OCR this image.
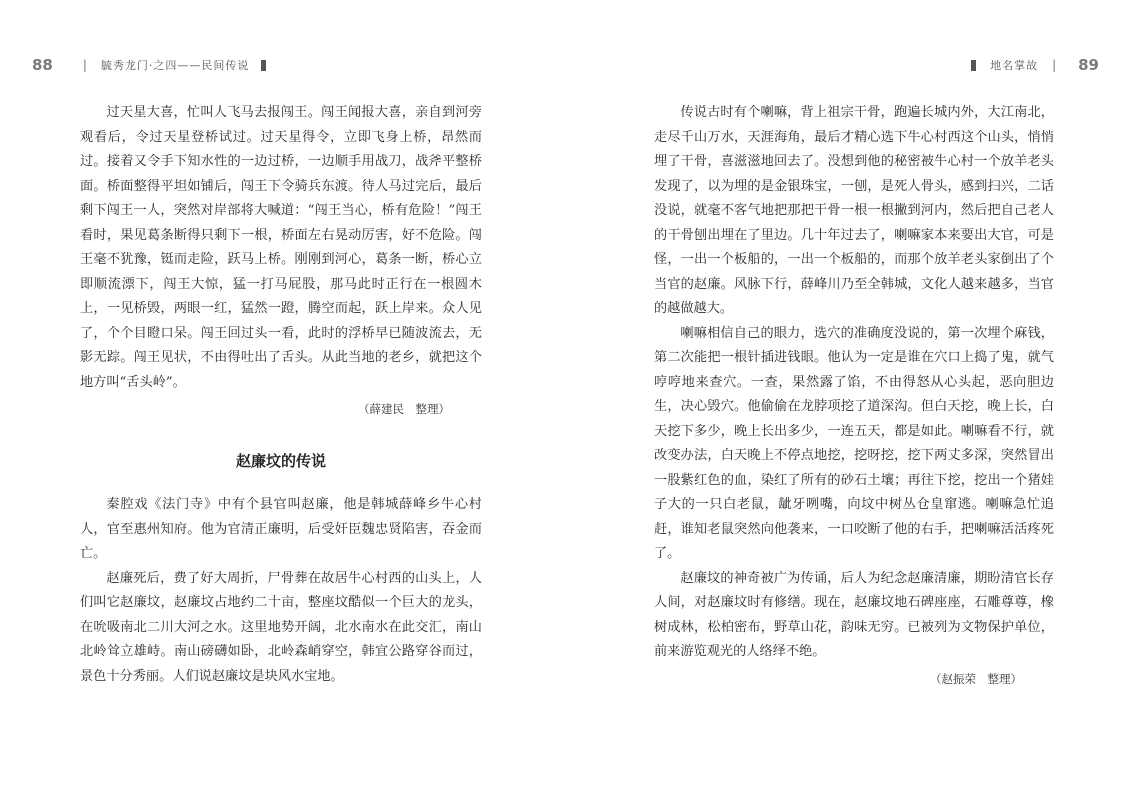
88	| 毓秀龙门·之四——民间传说	地名掌故 | 89

过天星大喜，忙叫人飞马去报闯王。闯王闻报大喜，亲自到河旁观看后，令过天星登桥试过。过天星得令，立即飞身上桥，昂然而过。接着又令手下知水性的一边过桥，一边顺手用战刀，战斧平整桥面。桥面整得平坦如铺后，闯王下令骑兵东渡。待人马过完后，最后剩下闯王一人，突然对岸部将大喊道：“闯王当心，桥有危险！”闯王看时，果见葛条断得只剩下一根，桥面左右晃动厉害，好不危险。闯王毫不犹豫，铤而走险，跃马上桥。刚刚到河心，葛条一断，桥心立即顺流漂下，闯王大惊，猛一打马屁股，那马此时正行在一根圆木上，一见桥毁，两眼一红，猛然一蹬，腾空而起，跃上岸来。众人见了，个个目瞪口呆。闯王回过头一看，此时的浮桥早已随波流去，无影无踪。闯王见状，不由得吐出了舌头。从此当地的老乡，就把这个地方叫“舌头岭”。

（薛建民　整理）

赵廉坟的传说

秦腔戏《法门寺》中有个县官叫赵廉，他是韩城薛峰乡牛心村人，官至惠州知府。他为官清正廉明，后受奸臣魏忠贤陷害，吞金而亡。

赵廉死后，费了好大周折，尸骨葬在故居牛心村西的山头上，人们叫它赵廉坟，赵廉坟占地约二十亩，整座坟酷似一个巨大的龙头，在吮吸南北二川大河之水。这里地势开阔，北水南水在此交汇，南山北岭耸立雄峙。南山磅礴如卧，北岭森峭穿空，韩宜公路穿谷而过，景色十分秀丽。人们说赵廉坟是块风水宝地。

传说古时有个喇嘛，背上祖宗干骨，跑遍长城内外，大江南北，走尽千山万水，天涯海角，最后才精心选下牛心村西这个山头，悄悄埋了干骨，喜滋滋地回去了。没想到他的秘密被牛心村一个放羊老头发现了，以为埋的是金银珠宝，一刨，是死人骨头，感到扫兴，二话没说，就毫不客气地把那把干骨一根一根撇到河内，然后把自己老人的干骨刨出埋在了里边。几十年过去了，喇嘛家本来要出大官，可是怪，一出一个板船的，一出一个板船的，而那个放羊老头家倒出了个当官的赵廉。风脉下行，薛峰川乃至全韩城，文化人越来越多，当官的越做越大。

喇嘛相信自己的眼力，选穴的准确度没说的，第一次埋个麻钱，第二次能把一根针插进钱眼。他认为一定是谁在穴口上捣了鬼，就气哼哼地来查穴。一查，果然露了馅，不由得怒从心头起，恶向胆边生，决心毁穴。他偷偷在龙脖项挖了道深沟。但白天挖，晚上长，白天挖下多少，晚上长出多少，一连五天，都是如此。喇嘛看不行，就改变办法，白天晚上不停点地挖，挖呀挖，挖下两丈多深，突然冒出一股紫红色的血，染红了所有的砂石土壤；再往下挖，挖出一个猪娃子大的一只白老鼠，龇牙咧嘴，向坟中树丛仓皇窜逃。喇嘛急忙追赶，谁知老鼠突然向他袭来，一口咬断了他的右手，把喇嘛活活疼死了。

赵廉坟的神奇被广为传诵，后人为纪念赵廉清廉，期盼清官长存人间，对赵廉坟时有修缮。现在，赵廉坟地石碑座座，石雕尊尊，橡树成林，松柏密布，野草山花，韵味无穷。已被列为文物保护单位，前来游览观光的人络绎不绝。

（赵振荣　整理）
